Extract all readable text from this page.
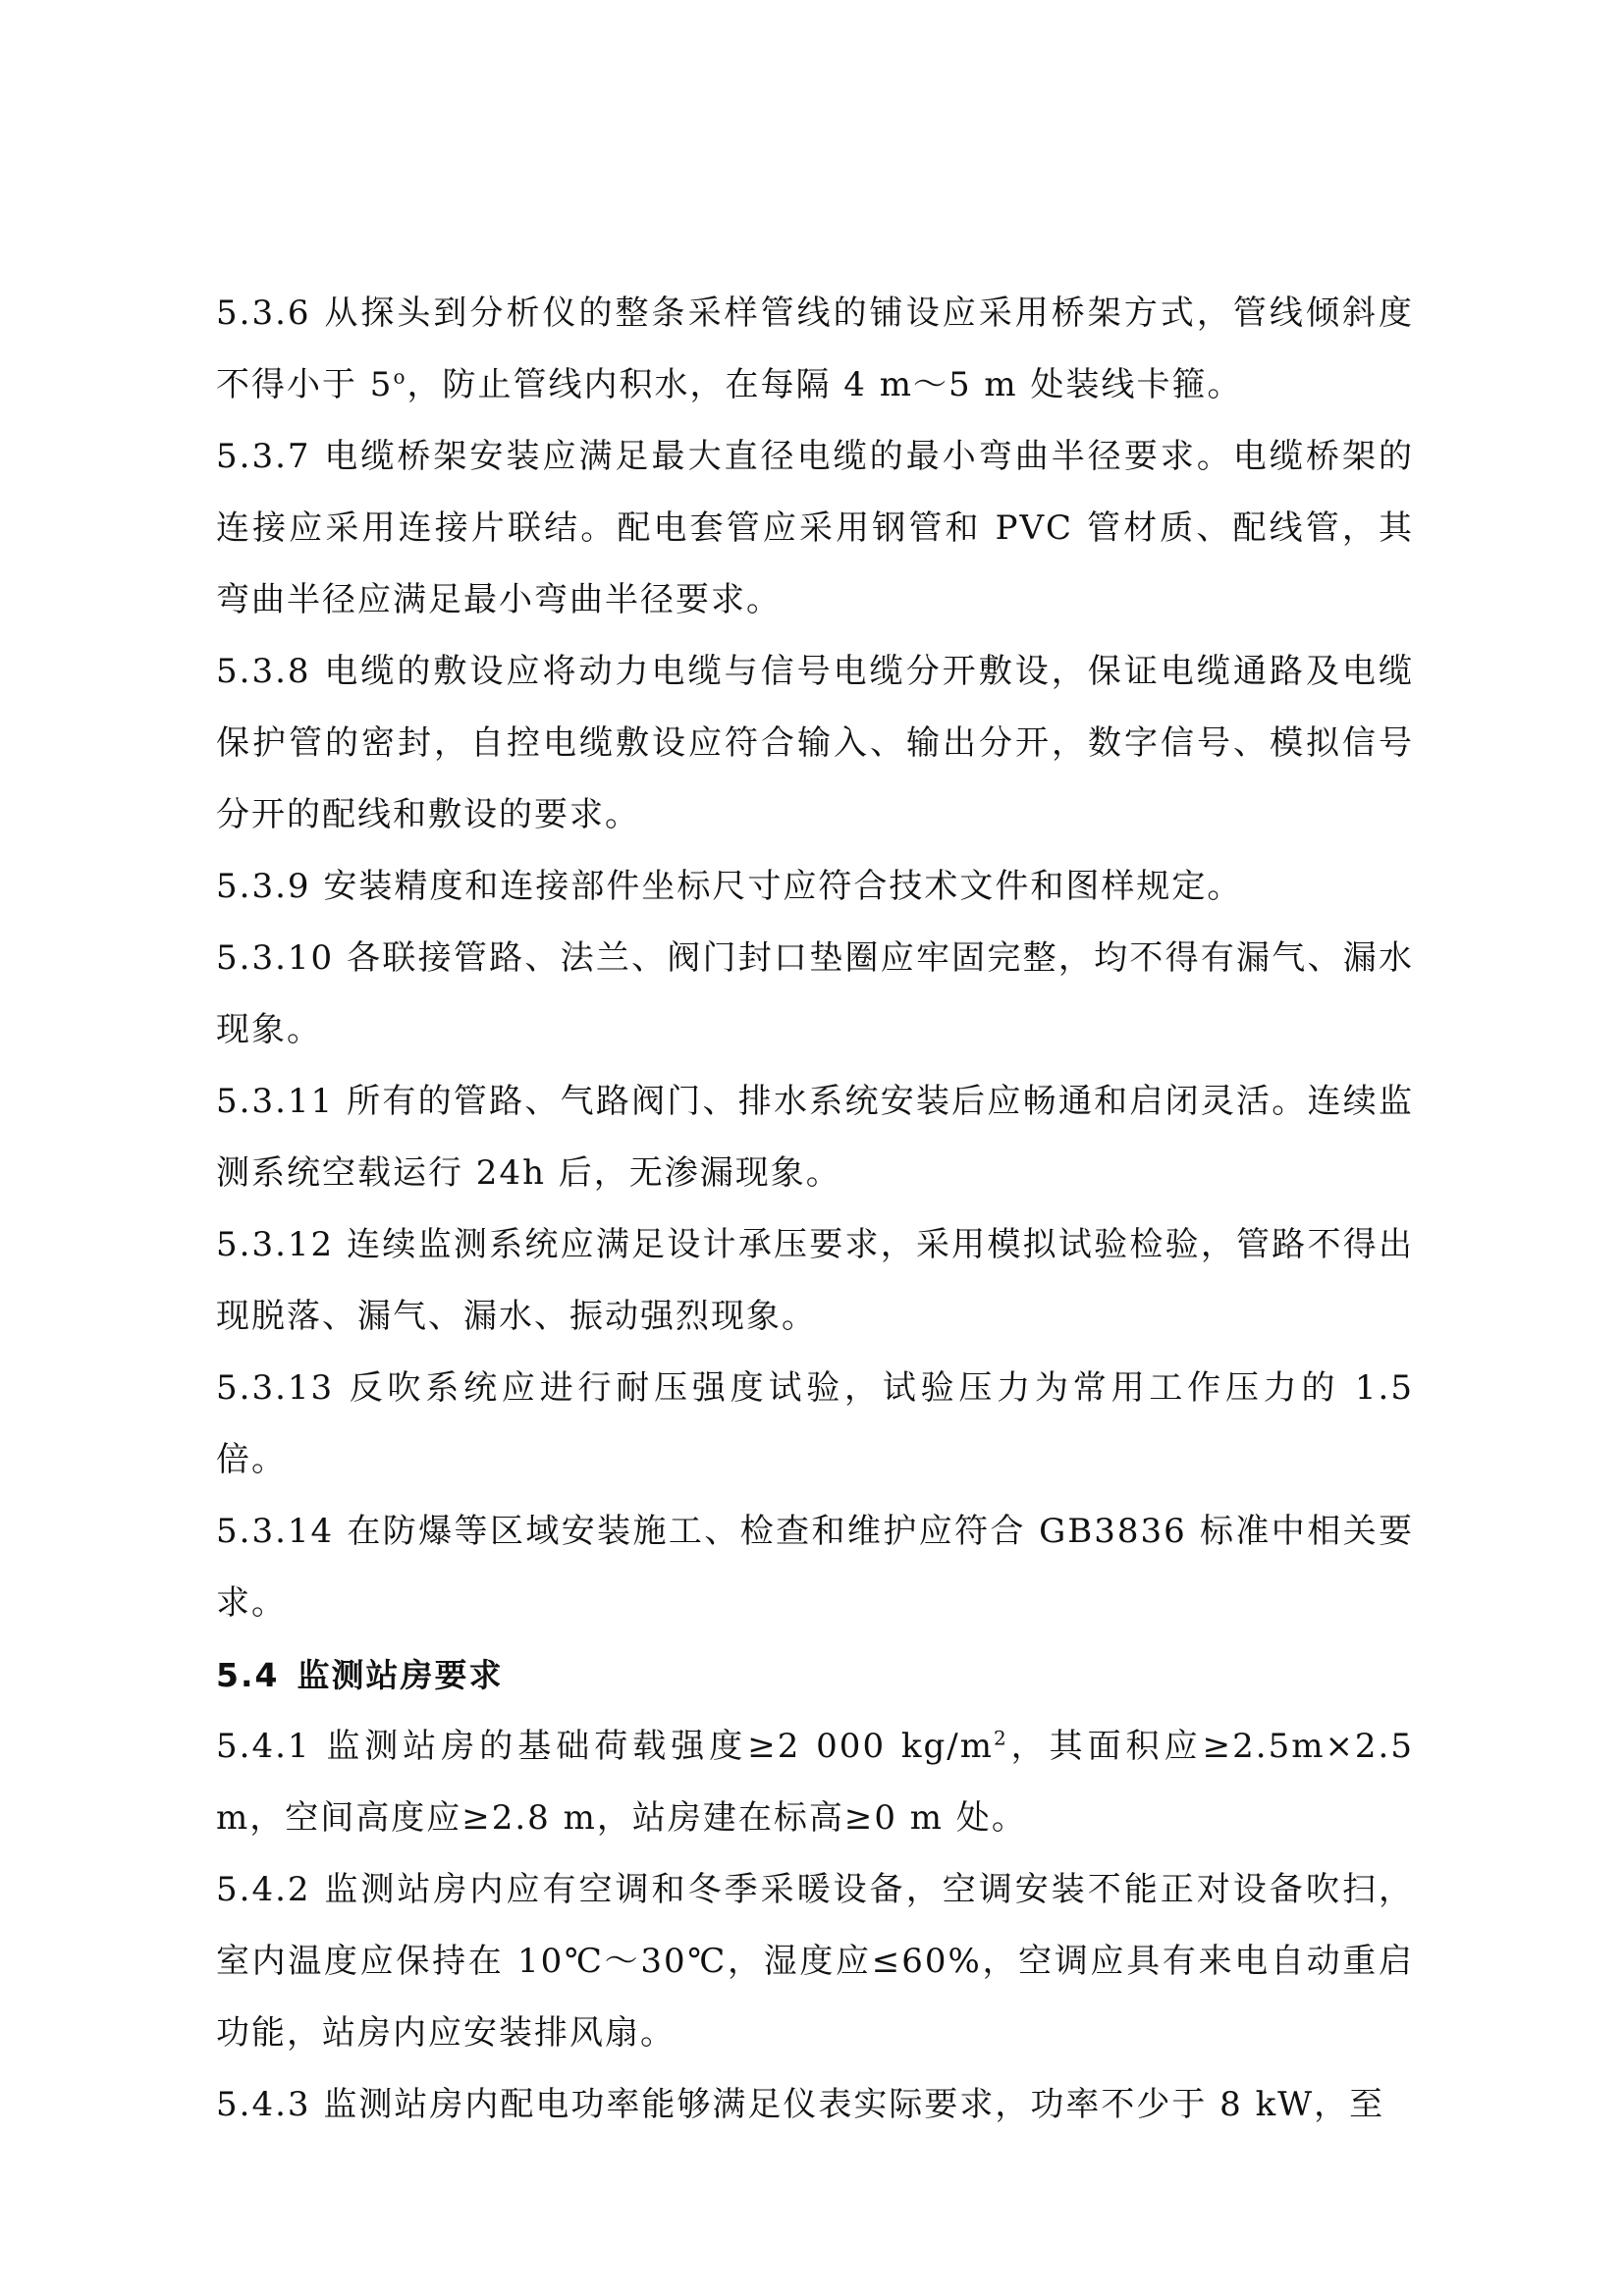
5.3.6 从探头到分析仪的整条采样管线的铺设应采用桥架方式，管线倾斜度不得小于 5$^o$，防止管线内积水，在每隔 4 m～5 m 处装线卡箍。

5.3.7 电缆桥架安装应满足最大直径电缆的最小弯曲半径要求。电缆桥架的连接应采用连接片联结。配电套管应采用钢管和 PVC 管材质、配线管，其弯曲半径应满足最小弯曲半径要求。

5.3.8 电缆的敷设应将动力电缆与信号电缆分开敷设，保证电缆通路及电缆保护管的密封，自控电缆敷设应符合输入、输出分开，数字信号、模拟信号分开的配线和敷设的要求。

5.3.9 安装精度和连接部件坐标尺寸应符合技术文件和图样规定。

5.3.10 各联接管路、法兰、阀门封口垫圈应牢固完整，均不得有漏气、漏水现象。

5.3.11 所有的管路、气路阀门、排水系统安装后应畅通和启闭灵活。连续监测系统空载运行 24h 后，无渗漏现象。

5.3.12 连续监测系统应满足设计承压要求，采用模拟试验检验，管路不得出现脱落、漏气、漏水、振动强烈现象。

5.3.13 反吹系统应进行耐压强度试验，试验压力为常用工作压力的 1.5 倍。

5.3.14 在防爆等区域安装施工、检查和维护应符合 GB3836 标准中相关要求。

5.4 监测站房要求

5.4.1 监测站房的基础荷载强度≥2 000 $kg/m^2$，其面积应≥2.5m×2.5m，空间高度应≥2.8 m，站房建在标高≥0 m 处。

5.4.2 监测站房内应有空调和冬季采暖设备，空调安装不能正对设备吹扫，室内温度应保持在 10℃～30℃，湿度应≤60%，空调应具有来电自动重启功能，站房内应安装排风扇。

5.4.3 监测站房内配电功率能够满足仪表实际要求，功率不少于 8 kW，至
